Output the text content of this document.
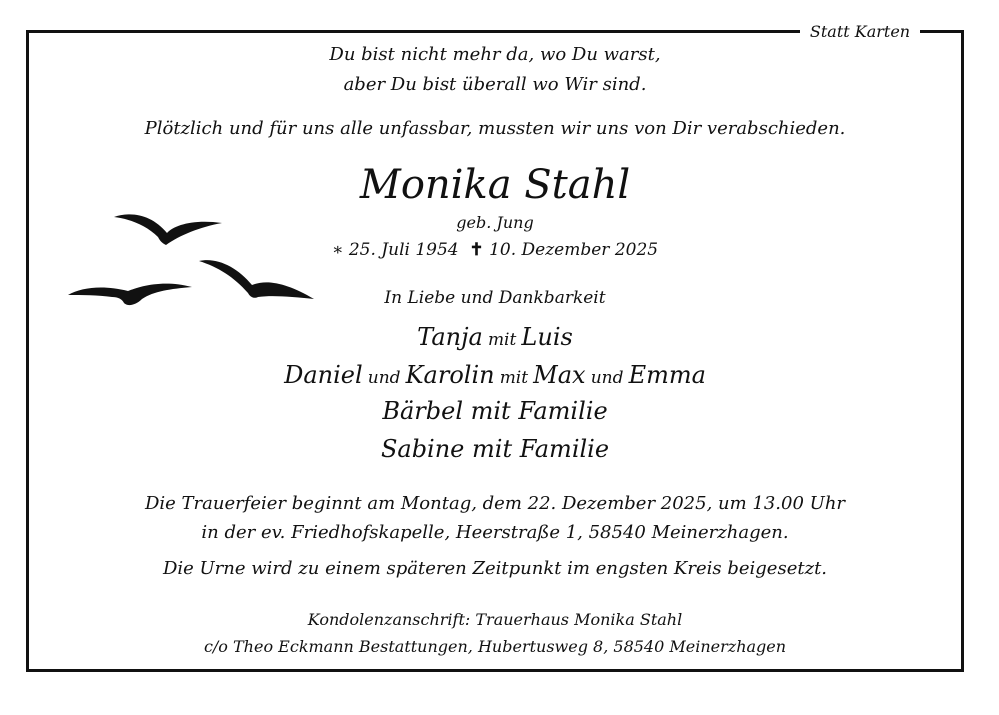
Statt Karten
Du bist nicht mehr da, wo Du warst,
aber Du bist überall wo Wir sind.
Plötzlich und für uns alle unfassbar, mussten wir uns von Dir verabschieden.
Monika Stahl
geb. Jung
∗ 25. Juli 1954 ✝ 10. Dezember 2025
In Liebe und Dankbarkeit
Tanja mit Luis
Daniel und Karolin mit Max und Emma
Bärbel mit Familie
Sabine mit Familie
Die Trauerfeier beginnt am Montag, dem 22. Dezember 2025, um 13.00 Uhr
in der ev. Friedhofskapelle, Heerstraße 1, 58540 Meinerzhagen.
Die Urne wird zu einem späteren Zeitpunkt im engsten Kreis beigesetzt.
Kondolenzanschrift: Trauerhaus Monika Stahl
c/o Theo Eckmann Bestattungen, Hubertusweg 8, 58540 Meinerzhagen
